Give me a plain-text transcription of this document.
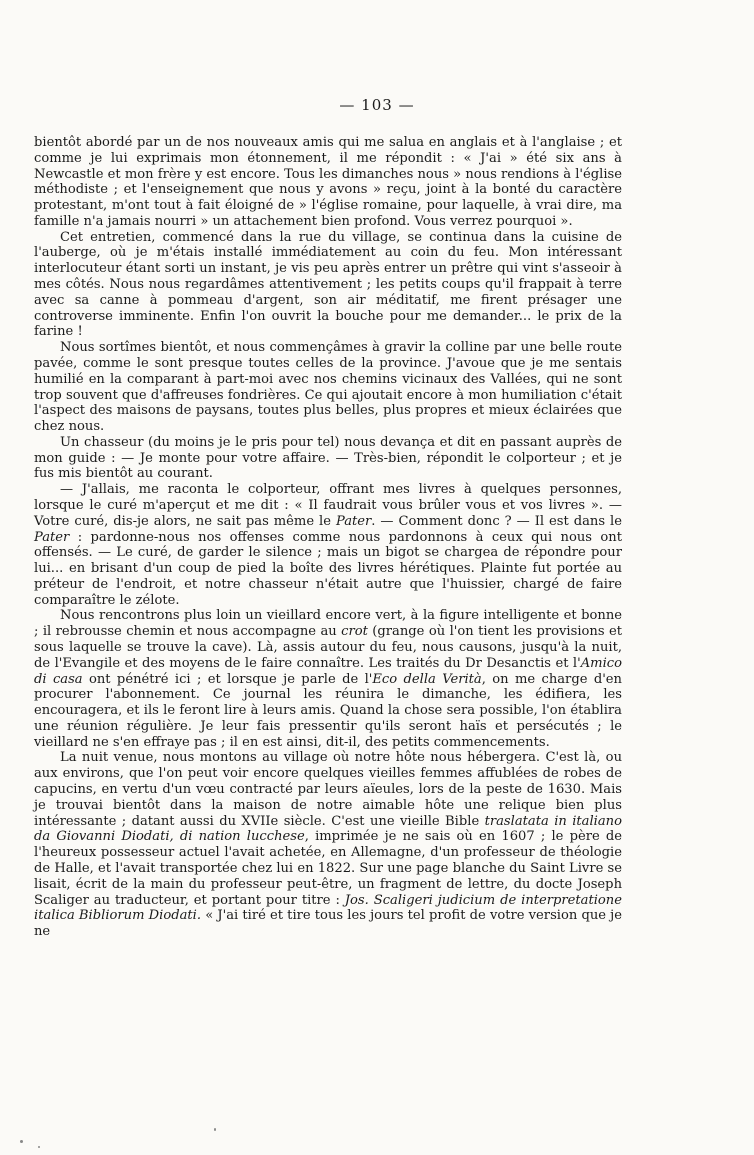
— 103 —

bientôt abordé par un de nos nouveaux amis qui me salua en anglais et à l'anglaise ; et comme je lui exprimais mon étonnement, il me répondit : « J'ai » été six ans à Newcastle et mon frère y est encore. Tous les dimanches nous » nous rendions à l'église méthodiste ; et l'enseignement que nous y avons » reçu, joint à la bonté du caractère protestant, m'ont tout à fait éloigné de » l'église romaine, pour laquelle, à vrai dire, ma famille n'a jamais nourri » un attachement bien profond. Vous verrez pourquoi ».

Cet entretien, commencé dans la rue du village, se continua dans la cuisine de l'auberge, où je m'étais installé immédiatement au coin du feu. Mon intéressant interlocuteur étant sorti un instant, je vis peu après entrer un prêtre qui vint s'asseoir à mes côtés. Nous nous regardâmes attentivement ; les petits coups qu'il frappait à terre avec sa canne à pommeau d'argent, son air méditatif, me firent présager une controverse imminente. Enfin l'on ouvrit la bouche pour me demander... le prix de la farine !

Nous sortîmes bientôt, et nous commençâmes à gravir la colline par une belle route pavée, comme le sont presque toutes celles de la province. J'avoue que je me sentais humilié en la comparant à part-moi avec nos chemins vicinaux des Vallées, qui ne sont trop souvent que d'affreuses fondrières. Ce qui ajoutait encore à mon humiliation c'était l'aspect des maisons de paysans, toutes plus belles, plus propres et mieux éclairées que chez nous.

Un chasseur (du moins je le pris pour tel) nous devança et dit en passant auprès de mon guide : — Je monte pour votre affaire. — Très-bien, répondit le colporteur ; et je fus mis bientôt au courant.

— J'allais, me raconta le colporteur, offrant mes livres à quelques personnes, lorsque le curé m'aperçut et me dit : « Il faudrait vous brûler vous et vos livres ». — Votre curé, dis-je alors, ne sait pas même le Pater. — Comment donc ? — Il est dans le Pater : pardonne-nous nos offenses comme nous pardonnons à ceux qui nous ont offensés. — Le curé, de garder le silence ; mais un bigot se chargea de répondre pour lui... en brisant d'un coup de pied la boîte des livres hérétiques. Plainte fut portée au préteur de l'endroit, et notre chasseur n'était autre que l'huissier, chargé de faire comparaître le zélote.

Nous rencontrons plus loin un vieillard encore vert, à la figure intelligente et bonne ; il rebrousse chemin et nous accompagne au crot (grange où l'on tient les provisions et sous laquelle se trouve la cave). Là, assis autour du feu, nous causons, jusqu'à la nuit, de l'Evangile et des moyens de le faire connaître. Les traités du Dr Desanctis et l'Amico di casa ont pénétré ici ; et lorsque je parle de l'Eco della Verità, on me charge d'en procurer l'abonnement. Ce journal les réunira le dimanche, les édifiera, les encouragera, et ils le feront lire à leurs amis. Quand la chose sera possible, l'on établira une réunion régulière. Je leur fais pressentir qu'ils seront haïs et persécutés ; le vieillard ne s'en effraye pas ; il en est ainsi, dit-il, des petits commencements.

La nuit venue, nous montons au village où notre hôte nous hébergera. C'est là, ou aux environs, que l'on peut voir encore quelques vieilles femmes affublées de robes de capucins, en vertu d'un vœu contracté par leurs aïeules, lors de la peste de 1630. Mais je trouvai bientôt dans la maison de notre aimable hôte une relique bien plus intéressante ; datant aussi du XVIIe siècle. C'est une vieille Bible traslatata in italiano da Giovanni Diodati, di nation lucchese, imprimée je ne sais où en 1607 ; le père de l'heureux possesseur actuel l'avait achetée, en Allemagne, d'un professeur de théologie de Halle, et l'avait transportée chez lui en 1822. Sur une page blanche du Saint Livre se lisait, écrit de la main du professeur peut-être, un fragment de lettre, du docte Joseph Scaliger au traducteur, et portant pour titre : Jos. Scaligeri judicium de interpretatione italica Bibliorum Diodati. « J'ai tiré et tire tous les jours tel profit de votre version que je ne
